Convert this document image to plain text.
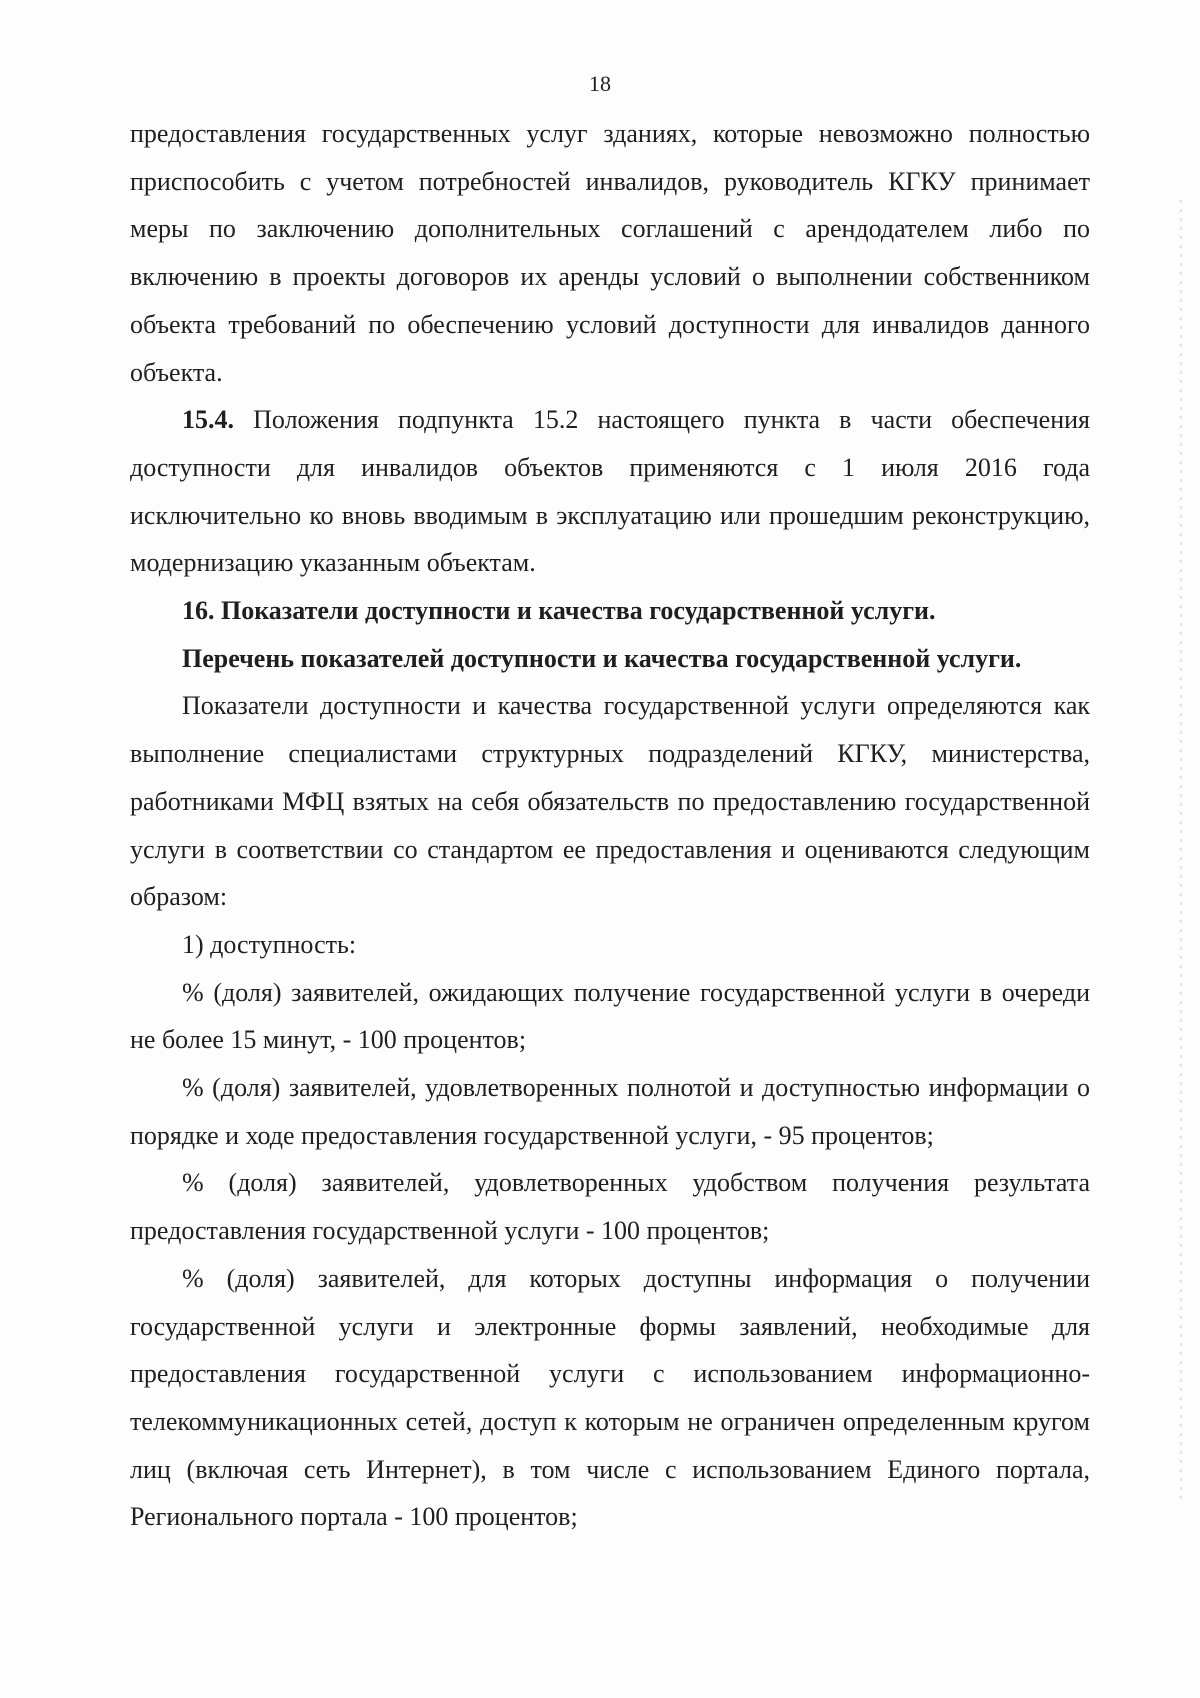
18

предоставления государственных услуг зданиях, которые невозможно полностью приспособить с учетом потребностей инвалидов, руководитель КГКУ принимает меры по заключению дополнительных соглашений с арендодателем либо по включению в проекты договоров их аренды условий о выполнении собственником объекта требований по обеспечению условий доступности для инвалидов данного объекта.

15.4. Положения подпункта 15.2 настоящего пункта в части обеспечения доступности для инвалидов объектов применяются с 1 июля 2016 года исключительно ко вновь вводимым в эксплуатацию или прошедшим реконструкцию, модернизацию указанным объектам.

16. Показатели доступности и качества государственной услуги.

Перечень показателей доступности и качества государственной услуги.

Показатели доступности и качества государственной услуги определяются как выполнение специалистами структурных подразделений КГКУ, министерства, работниками МФЦ взятых на себя обязательств по предоставлению государственной услуги в соответствии со стандартом ее предоставления и оцениваются следующим образом:

1) доступность:

% (доля) заявителей, ожидающих получение государственной услуги в очереди не более 15 минут, - 100 процентов;

% (доля) заявителей, удовлетворенных полнотой и доступностью информации о порядке и ходе предоставления государственной услуги, - 95 процентов;

% (доля) заявителей, удовлетворенных удобством получения результата предоставления государственной услуги - 100 процентов;

% (доля) заявителей, для которых доступны информация о получении государственной услуги и электронные формы заявлений, необходимые для предоставления государственной услуги с использованием информационно-телекоммуникационных сетей, доступ к которым не ограничен определенным кругом лиц (включая сеть Интернет), в том числе с использованием Единого портала, Регионального портала - 100 процентов;
